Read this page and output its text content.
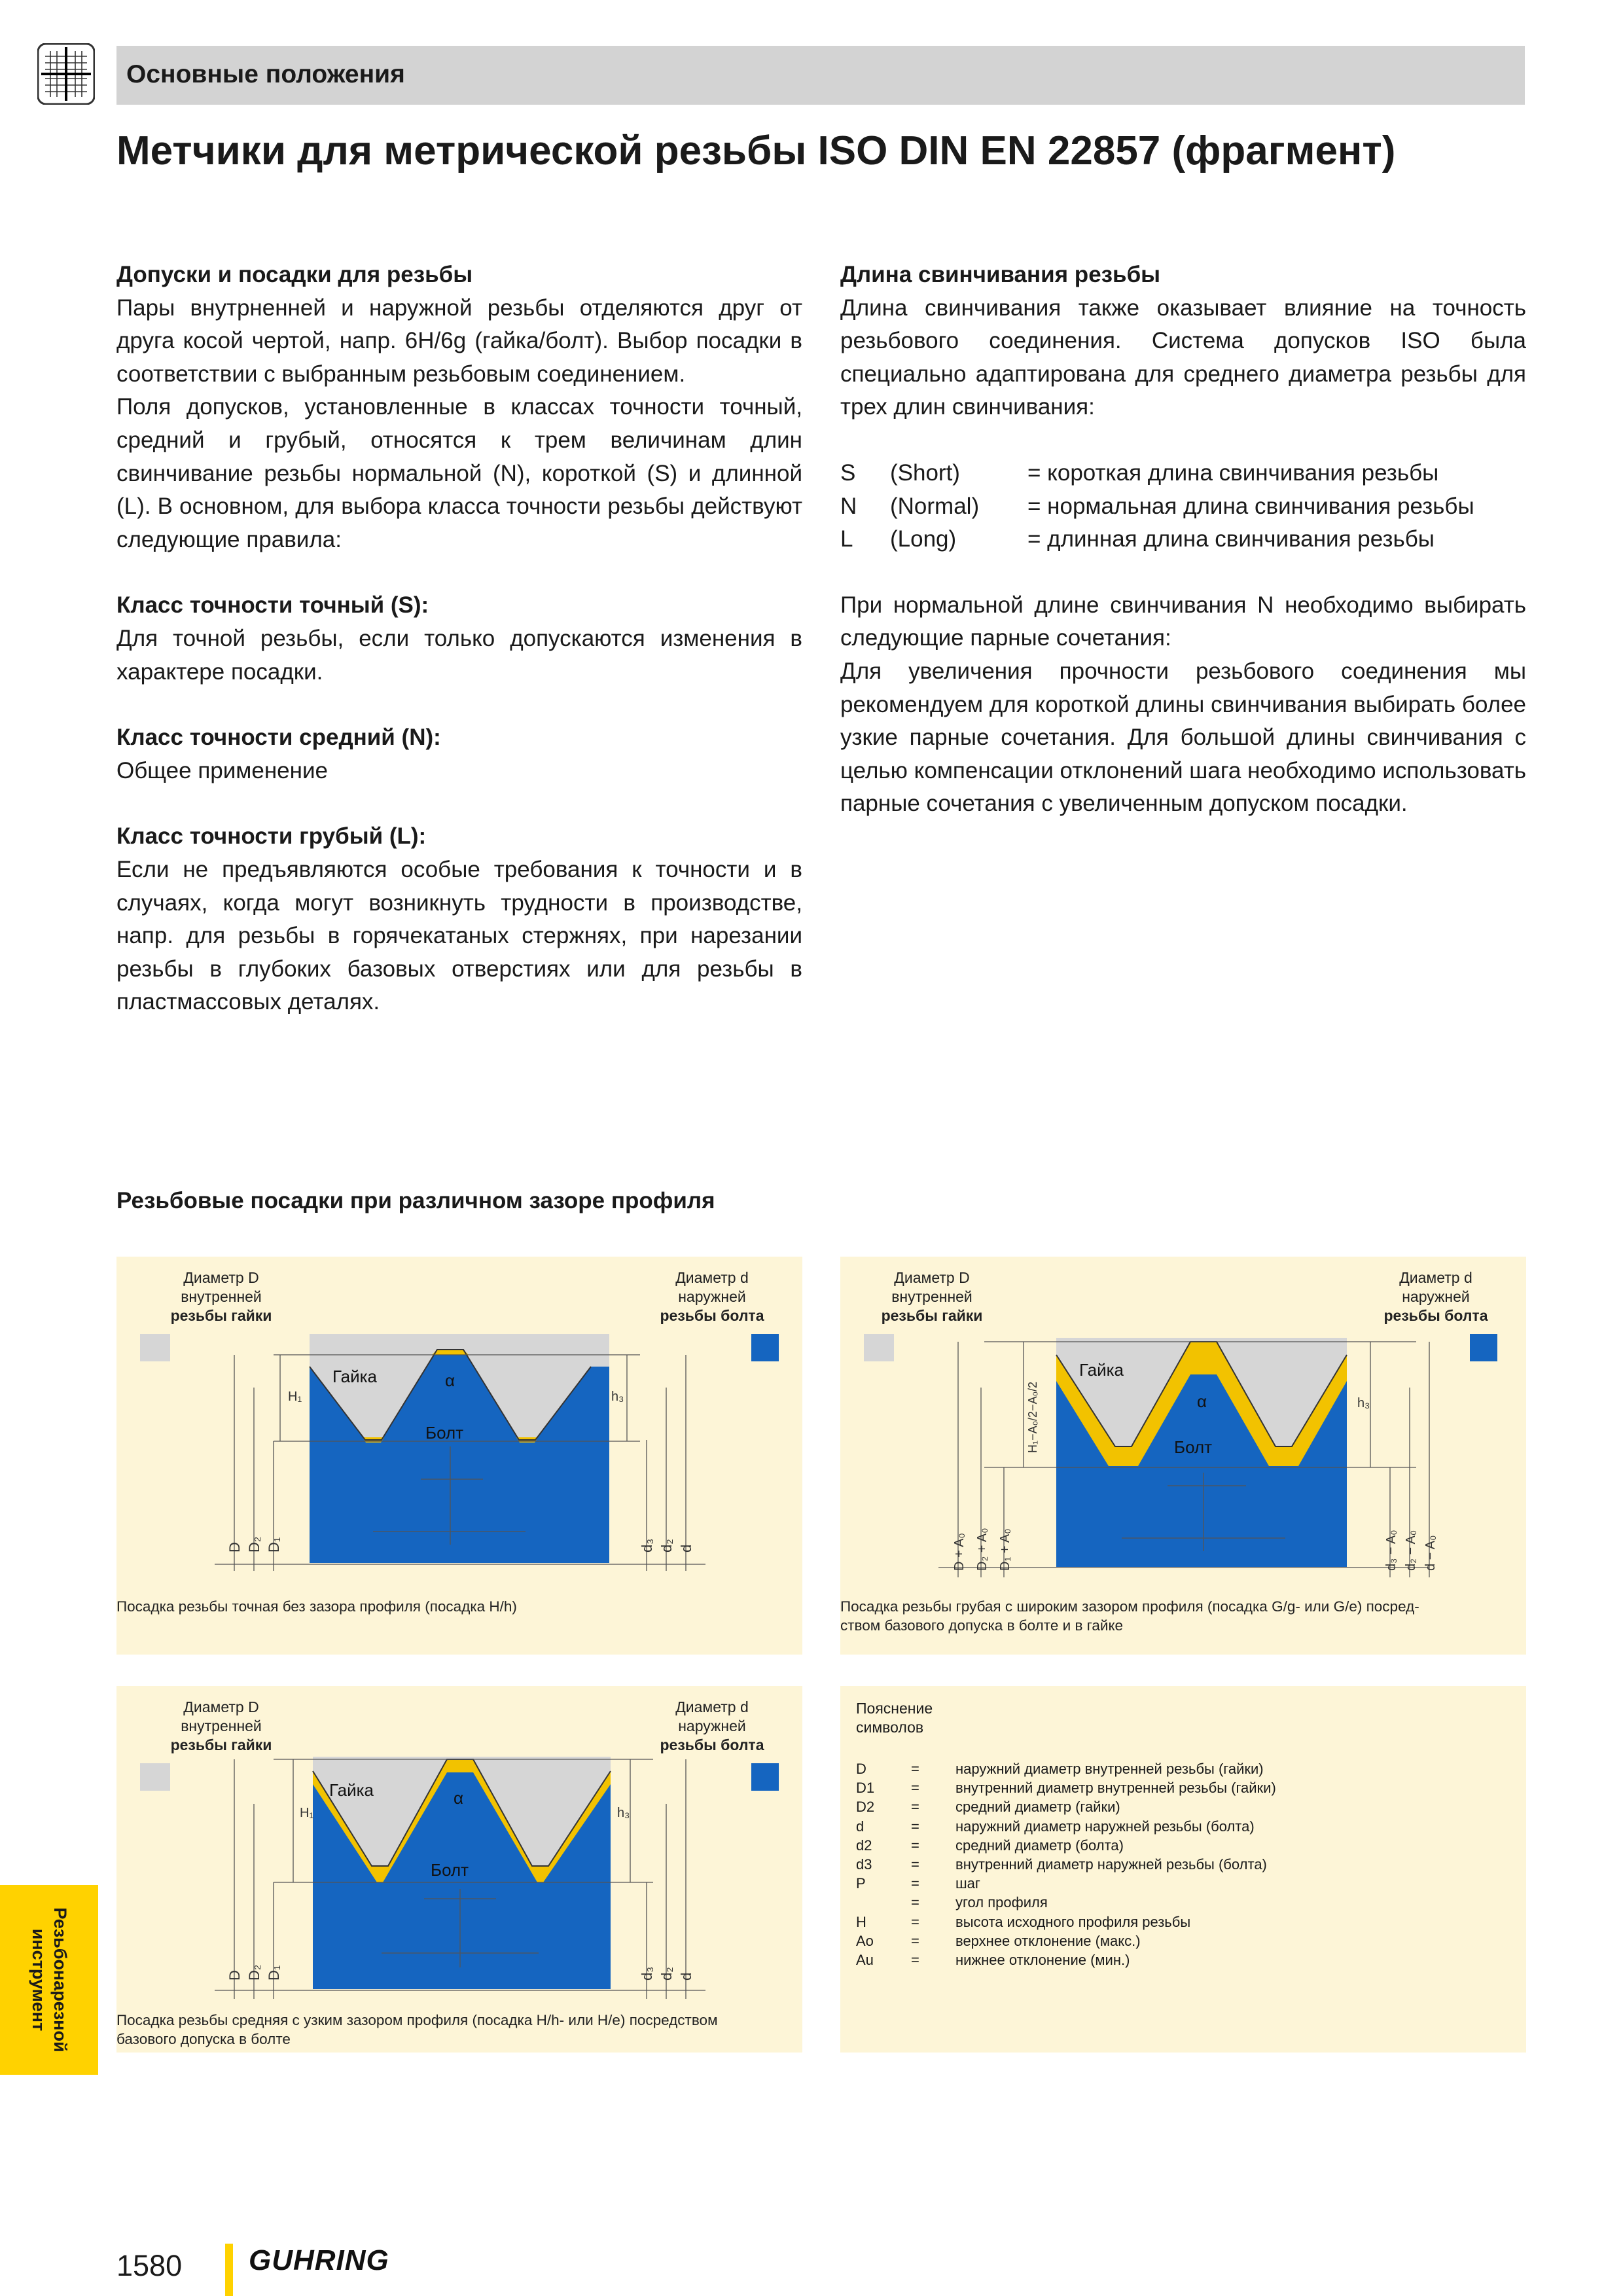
Основные положения
Метчики для метрической резьбы ISO DIN EN 22857 (фрагмент)
Допуски и посадки для резьбы

Пары внутрненней и наружной резьбы отделяются друг от друга косой чертой, напр. 6H/6g (гайка/болт). Выбор посадки в соответствии с выбранным резьбовым соединением.

Поля допусков, установленные в классах точности точный, средний и грубый, относятся к трем величинам длин свинчивание резьбы нормальной (N), короткой (S) и длинной (L). В основном, для выбора класса точности резьбы действуют следующие правила:

Класс точности точный (S):

Для точной резьбы, если только допускаются изменения в характере посадки.

Класс точности средний (N):

Общее применение

Класс точности грубый (L):

Если не предъявляются особые требования к точности и в случаях, когда могут возникнуть трудности в производстве, напр. для резьбы в горячекатаных стержнях, при нарезании резьбы в глубоких базовых отверстиях или для резьбы в пластмассовых деталях.

Длина свинчивания резьбы

Длина свинчивания также оказывает влияние на точность резьбового соединения. Система допусков ISO была специально адаптирована для среднего диаметра резьбы для трех длин свинчивания:

S	(Short)	= короткая длина свинчивания резьбы
N	(Normal)	= нормальная длина свинчивания резьбы
L	(Long)	= длинная длина свинчивания резьбы

При нормальной длине свинчивания N необходимо выбирать следующие парные сочетания:

Для увеличения прочности резьбового соединения мы рекомендуем для короткой длины свинчивания выбирать более узкие парные сочетания. Для большой длины свинчивания с целью компенсации отклонений шага необходимо использовать парные сочетания с увеличенным допуском посадки.

Резьбовые посадки при различном зазоре профиля
Диаметр D
внутренней
резьбы гайки
Диаметр d
наружней
резьбы болта
Гайка	α
Болт
H₁	h₃
D D₂ D₁	d₃ d₂ d
Посадка резьбы точная без зазора профиля (посадка H/h)
Диаметр D
внутренней
резьбы гайки
Диаметр d
наружней
резьбы болта
Гайка
α
Болт
H₁−A₀/2−A₀/2	h₃
D + A₀ D₂ + A₀ D₁ + A₀	d₃ − A₀ d₂ − A₀ d − A₀
Посадка резьбы грубая с широким зазором профиля (посадка G/g- или G/e) посред-
ством базового допуска в болте и в гайке
Диаметр D
внутренней
резьбы гайки
Диаметр d
наружней
резьбы болта
Гайка	α
Болт
H₁	h₃
D D₂ D₁	d₃ d₂ d
Посадка резьбы средняя с узким зазором профиля (посадка H/h- или H/e) посредством
базового допуска в болте
Пояснение
символов
D	=	наружний диаметр внутренней резьбы (гайки)
D1	=	внутренний диаметр внутренней резьбы (гайки)
D2	=	средний диаметр (гайки)
d	=	наружний диаметр наружней резьбы (болта)
d2	=	средний диаметр (болта)
d3	=	внутренний диаметр наружней резьбы (болта)
P	=	шаг
	=	угол профиля
H	=	высота исходного профиля резьбы
Ao	=	верхнее отклонение (макс.)
Au	=	нижнее отклонение (мин.)
Резьбонарезной
инструмент
1580 GUHRING
